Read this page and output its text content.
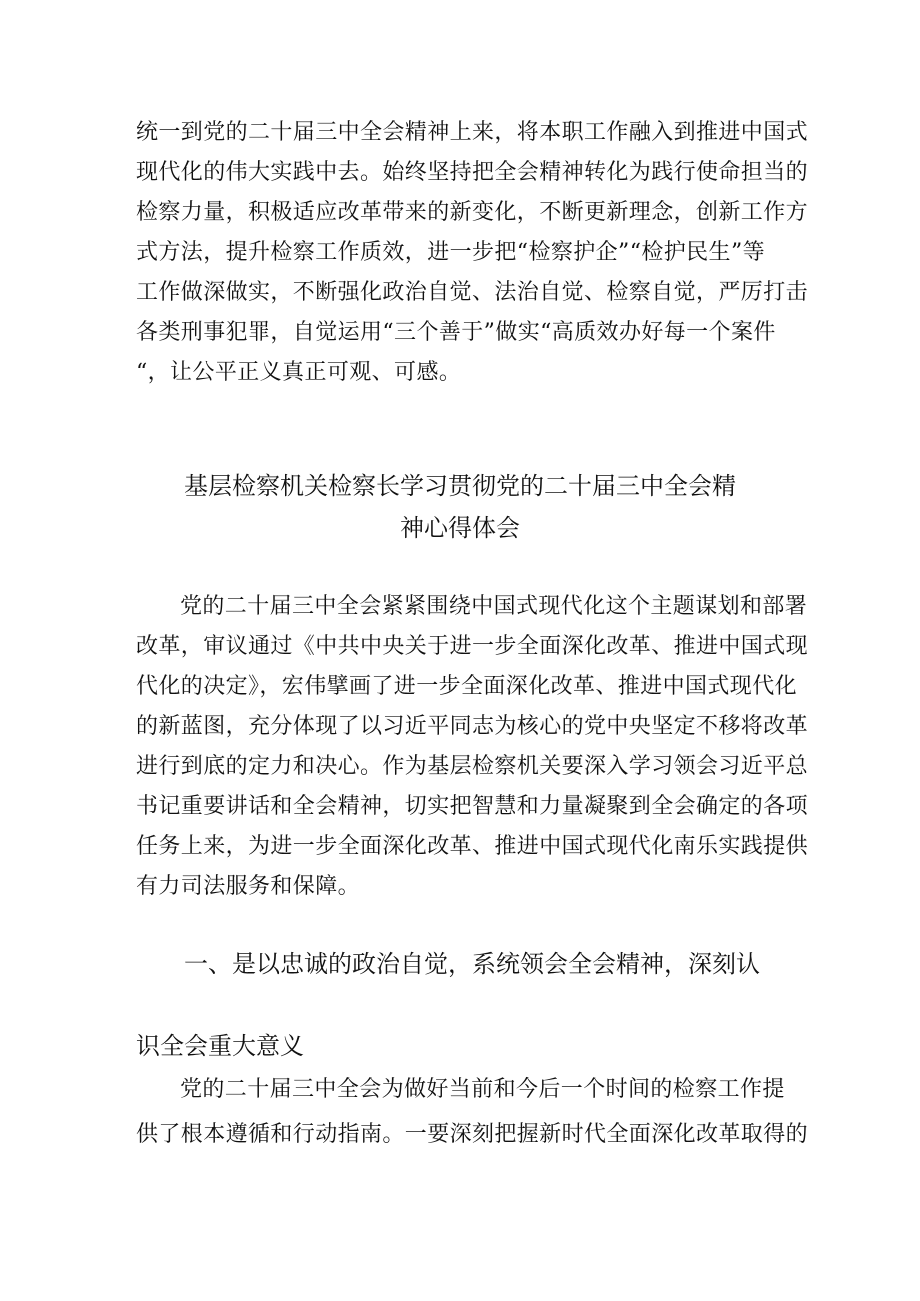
统一到党的二十届三中全会精神上来，将本职工作融入到推进中国式
现代化的伟大实践中去。始终坚持把全会精神转化为践行使命担当的
检察力量，积极适应改革带来的新变化，不断更新理念，创新工作方
式方法，提升检察工作质效，进一步把“检察护企”“检护民生”等
工作做深做实，不断强化政治自觉、法治自觉、检察自觉，严厉打击
各类刑事犯罪，自觉运用“三个善于”做实“高质效办好每一个案件
“，让公平正义真正可观、可感。
基层检察机关检察长学习贯彻党的二十届三中全会精
神心得体会
党的二十届三中全会紧紧围绕中国式现代化这个主题谋划和部署
改革，审议通过《中共中央关于进一步全面深化改革、推进中国式现
代化的决定》，宏伟擘画了进一步全面深化改革、推进中国式现代化
的新蓝图，充分体现了以习近平同志为核心的党中央坚定不移将改革
进行到底的定力和决心。作为基层检察机关要深入学习领会习近平总
书记重要讲话和全会精神，切实把智慧和力量凝聚到全会确定的各项
任务上来，为进一步全面深化改革、推进中国式现代化南乐实践提供
有力司法服务和保障。
一、是以忠诚的政治自觉，系统领会全会精神，深刻认
识全会重大意义
党的二十届三中全会为做好当前和今后一个时间的检察工作提
供了根本遵循和行动指南。一要深刻把握新时代全面深化改革取得的
